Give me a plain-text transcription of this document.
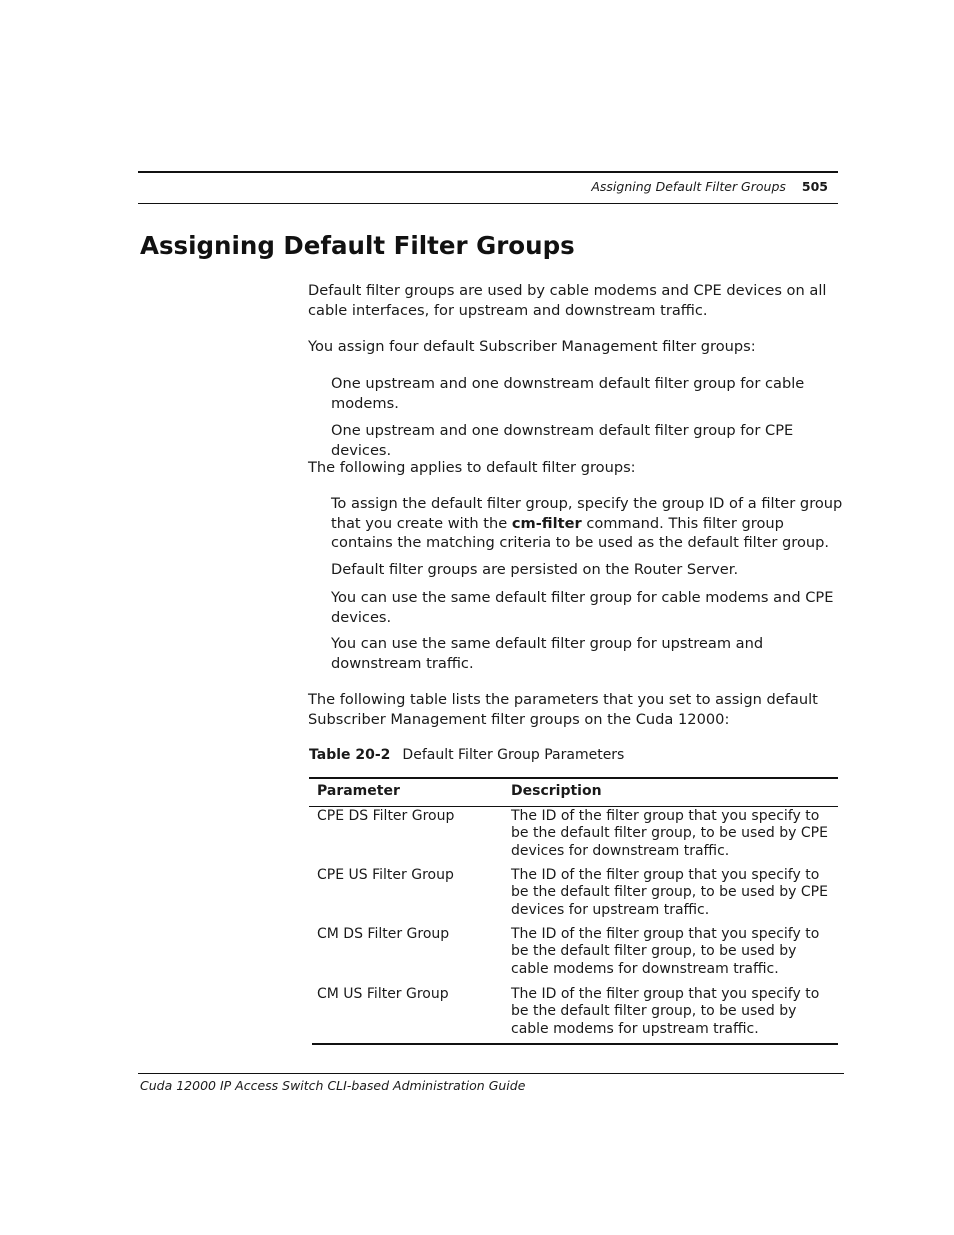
Assigning Default Filter Groups 505
Assigning Default Filter Groups

Default filter groups are used by cable modems and CPE devices on all cable interfaces, for upstream and downstream traffic.

You assign four default Subscriber Management filter groups:

One upstream and one downstream default filter group for cable modems.

One upstream and one downstream default filter group for CPE devices.

The following applies to default filter groups:

To assign the default filter group, specify the group ID of a filter group that you create with the cm-filter command. This filter group contains the matching criteria to be used as the default filter group.

Default filter groups are persisted on the Router Server.

You can use the same default filter group for cable modems and CPE devices.

You can use the same default filter group for upstream and downstream traffic.

The following table lists the parameters that you set to assign default Subscriber Management filter groups on the Cuda 12000:

Table 20-2 Default Filter Group Parameters
Parameter	Description
CPE DS Filter Group	The ID of the filter group that you specify to be the default filter group, to be used by CPE devices for downstream traffic.
CPE US Filter Group	The ID of the filter group that you specify to be the default filter group, to be used by CPE devices for upstream traffic.
CM DS Filter Group	The ID of the filter group that you specify to be the default filter group, to be used by cable modems for downstream traffic.
CM US Filter Group	The ID of the filter group that you specify to be the default filter group, to be used by cable modems for upstream traffic.
Cuda 12000 IP Access Switch CLI-based Administration Guide
